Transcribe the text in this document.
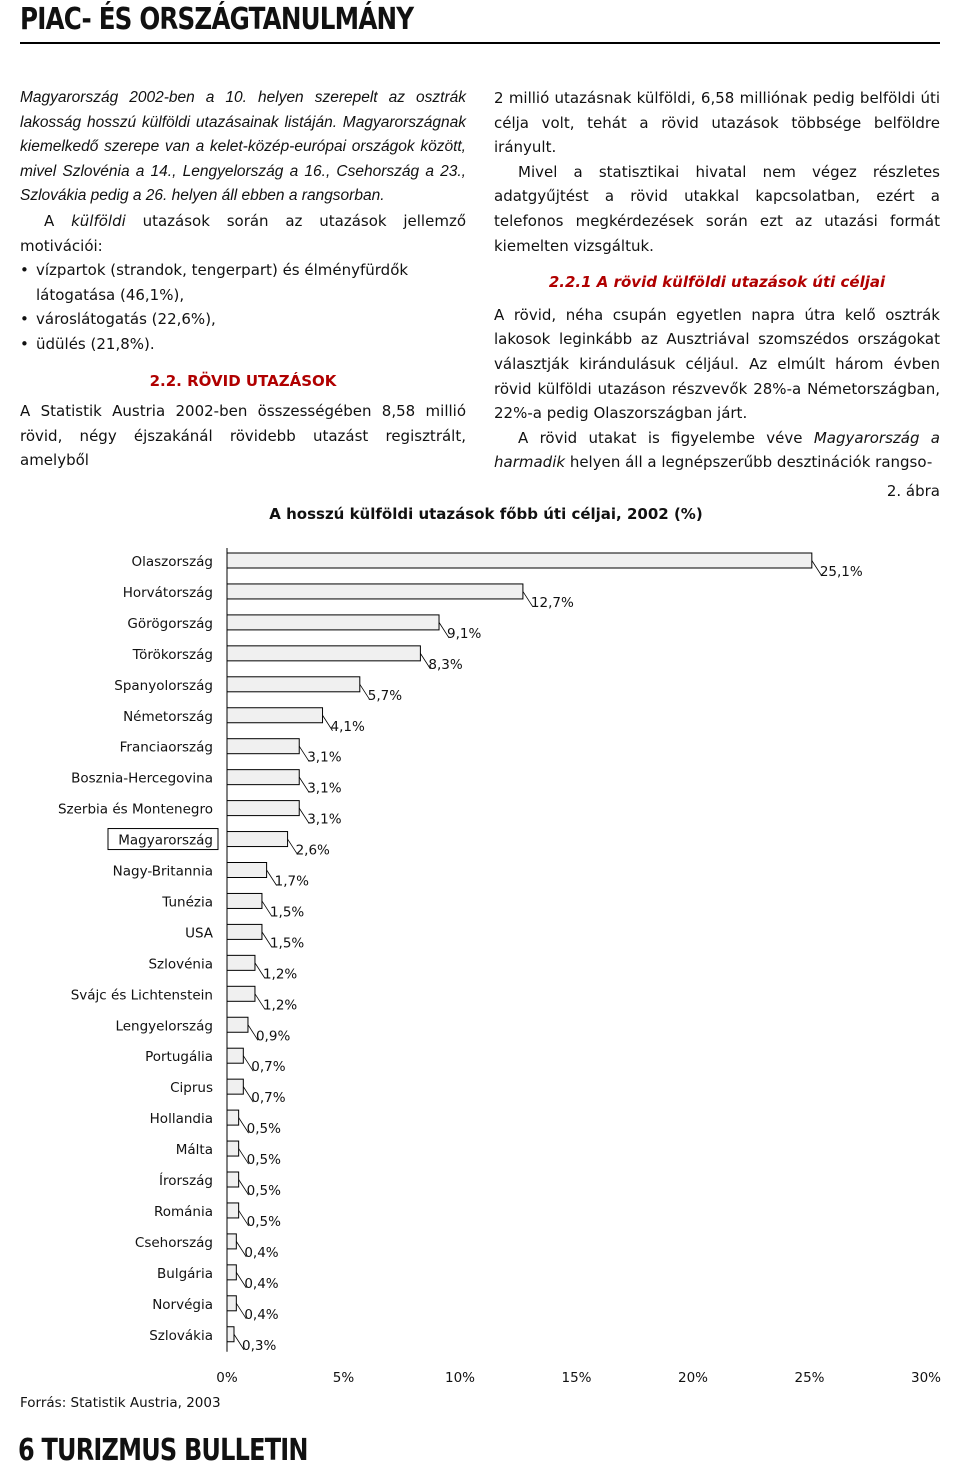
PIAC- ÉS ORSZÁGTANULMÁNY

Magyarország 2002-ben a 10. helyen szerepelt az osztrák lakosság hosszú külföldi utazásainak listáján. Magyarországnak kiemelkedő szerepe van a kelet-közép-európai országok között, mivel Szlovénia a 14., Lengyelország a 16., Csehország a 23., Szlovákia pedig a 26. helyen áll ebben a rangsorban.

A külföldi utazások során az utazások jellemző motivációi:

• vízpartok (strandok, tengerpart) és élményfürdők látogatása (46,1%),
• városlátogatás (22,6%),
• üdülés (21,8%).
2.2. RÖVID UTAZÁSOK

A Statistik Austria 2002-ben összességében 8,58 millió rövid, négy éjszakánál rövidebb utazást regisztrált, amelyből

2 millió utazásnak külföldi, 6,58 milliónak pedig belföldi úti célja volt, tehát a rövid utazások többsége belföldre irányult.

Mivel a statisztikai hivatal nem végez részletes adatgyűjtést a rövid utakkal kapcsolatban, ezért a telefonos megkérdezések során ezt az utazási formát kiemelten vizsgáltuk.

2.2.1 A rövid külföldi utazások úti céljai

A rövid, néha csupán egyetlen napra útra kelő osztrák lakosok leginkább az Ausztriával szomszédos országokat választják kirándulásuk céljául. Az elmúlt három évben rövid külföldi utazáson részvevők 28%-a Németországban, 22%-a pedig Olaszországban járt.

A rövid utakat is figyelembe véve Magyarország a harmadik helyen áll a legnépszerűbb desztinációk rangso-

2. ábra
A hosszú külföldi utazások főbb úti céljai, 2002 (%)
Olaszország
25,1%
Horvátország
12,7%
Görögország
9,1%
Törökország
8,3%
Spanyolország
5,7%
Németország
4,1%
Franciaország
3,1%
Bosznia-Hercegovina
3,1%
Szerbia és Montenegro
3,1%
Magyarország
2,6%
Nagy-Britannia
1,7%
Tunézia
1,5%
USA
1,5%
Szlovénia
1,2%
Svájc és Lichtenstein
1,2%
Lengyelország
0,9%
Portugália
0,7%
Ciprus
0,7%
Hollandia
0,5%
Málta
0,5%
Írország
0,5%
Románia
0,5%
Csehország
0,4%
Bulgária
0,4%
Norvégia
0,4%
Szlovákia
0,3%
0%	5%	10%	15%	20%	25%	30%
Forrás: Statistik Austria, 2003
6 TURIZMUS BULLETIN
